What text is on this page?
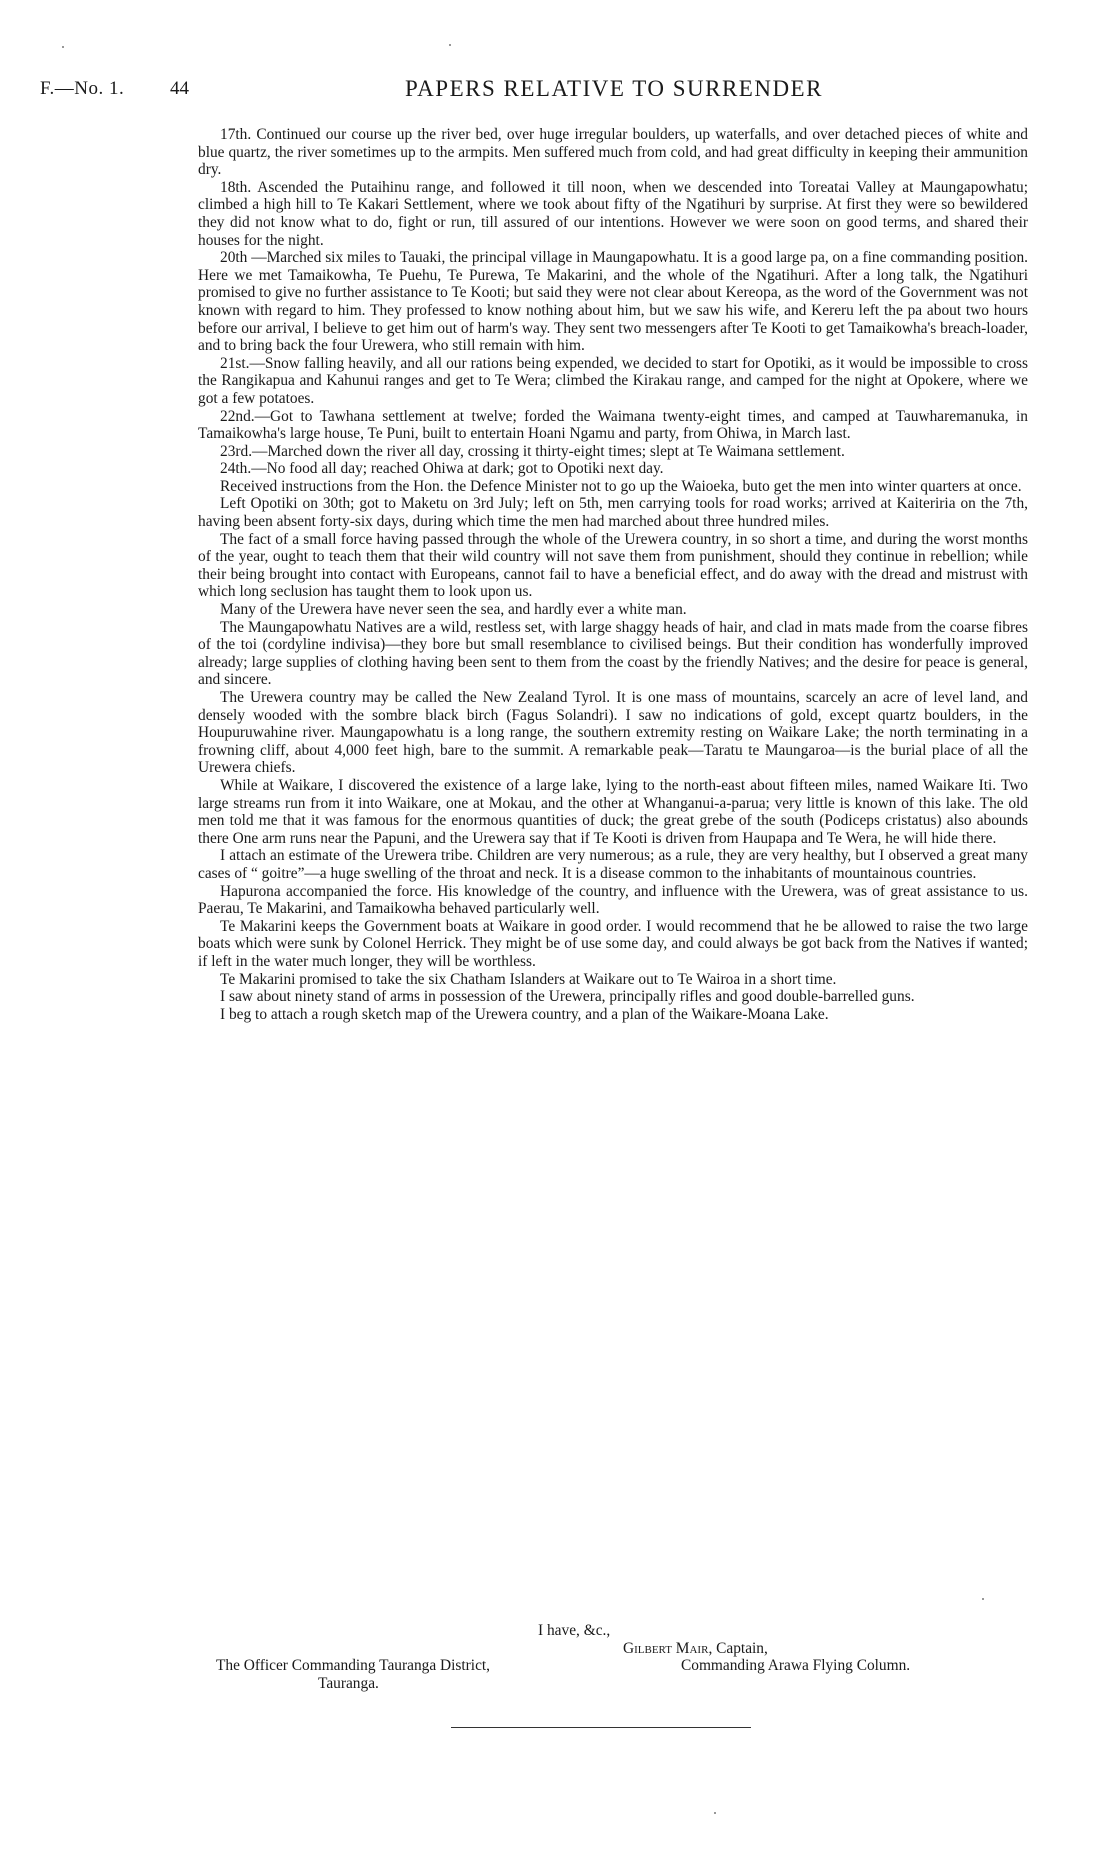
F.—No. 1. 44	PAPERS RELATIVE TO SURRENDER

17th. Continued our course up the river bed, over huge irregular boulders, up waterfalls, and over detached pieces of white and blue quartz, the river sometimes up to the armpits. Men suffered much from cold, and had great difficulty in keeping their ammunition dry.

18th. Ascended the Putaihinu range, and followed it till noon, when we descended into Toreatai Valley at Maungapowhatu; climbed a high hill to Te Kakari Settlement, where we took about fifty of the Ngatihuri by surprise. At first they were so bewildered they did not know what to do, fight or run, till assured of our intentions. However we were soon on good terms, and shared their houses for the night.

20th —Marched six miles to Tauaki, the principal village in Maungapowhatu. It is a good large pa, on a fine commanding position. Here we met Tamaikowha, Te Puehu, Te Purewa, Te Makarini, and the whole of the Ngatihuri. After a long talk, the Ngatihuri promised to give no further assistance to Te Kooti; but said they were not clear about Kereopa, as the word of the Government was not known with regard to him. They professed to know nothing about him, but we saw his wife, and Kereru left the pa about two hours before our arrival, I believe to get him out of harm's way. They sent two messengers after Te Kooti to get Tamaikowha's breach-loader, and to bring back the four Urewera, who still remain with him.

21st.—Snow falling heavily, and all our rations being expended, we decided to start for Opotiki, as it would be impossible to cross the Rangikapua and Kahunui ranges and get to Te Wera; climbed the Kirakau range, and camped for the night at Opokere, where we got a few potatoes.

22nd.—Got to Tawhana settlement at twelve; forded the Waimana twenty-eight times, and camped at Tauwharemanuka, in Tamaikowha's large house, Te Puni, built to entertain Hoani Ngamu and party, from Ohiwa, in March last.

23rd.—Marched down the river all day, crossing it thirty-eight times; slept at Te Waimana settlement.

24th.—No food all day; reached Ohiwa at dark; got to Opotiki next day.

Received instructions from the Hon. the Defence Minister not to go up the Waioeka, buto get the men into winter quarters at once.

Left Opotiki on 30th; got to Maketu on 3rd July; left on 5th, men carrying tools for road works; arrived at Kaiteriria on the 7th, having been absent forty-six days, during which time the men had marched about three hundred miles.

The fact of a small force having passed through the whole of the Urewera country, in so short a time, and during the worst months of the year, ought to teach them that their wild country will not save them from punishment, should they continue in rebellion; while their being brought into contact with Europeans, cannot fail to have a beneficial effect, and do away with the dread and mistrust with which long seclusion has taught them to look upon us.

Many of the Urewera have never seen the sea, and hardly ever a white man.

The Maungapowhatu Natives are a wild, restless set, with large shaggy heads of hair, and clad in mats made from the coarse fibres of the toi (cordyline indivisa)—they bore but small resemblance to civilised beings. But their condition has wonderfully improved already; large supplies of clothing having been sent to them from the coast by the friendly Natives; and the desire for peace is general, and sincere.

The Urewera country may be called the New Zealand Tyrol. It is one mass of mountains, scarcely an acre of level land, and densely wooded with the sombre black birch (Fagus Solandri). I saw no indications of gold, except quartz boulders, in the Houpuruwahine river. Maungapowhatu is a long range, the southern extremity resting on Waikare Lake; the north terminating in a frowning cliff, about 4,000 feet high, bare to the summit. A remarkable peak—Taratu te Maungaroa—is the burial place of all the Urewera chiefs.

While at Waikare, I discovered the existence of a large lake, lying to the north-east about fifteen miles, named Waikare Iti. Two large streams run from it into Waikare, one at Mokau, and the other at Whanganui-a-parua; very little is known of this lake. The old men told me that it was famous for the enormous quantities of duck; the great grebe of the south (Podiceps cristatus) also abounds there One arm runs near the Papuni, and the Urewera say that if Te Kooti is driven from Haupapa and Te Wera, he will hide there.

I attach an estimate of the Urewera tribe. Children are very numerous; as a rule, they are very healthy, but I observed a great many cases of “ goitre”—a huge swelling of the throat and neck. It is a disease common to the inhabitants of mountainous countries.

Hapurona accompanied the force. His knowledge of the country, and influence with the Urewera, was of great assistance to us. Paerau, Te Makarini, and Tamaikowha behaved particularly well.

Te Makarini keeps the Government boats at Waikare in good order. I would recommend that he be allowed to raise the two large boats which were sunk by Colonel Herrick. They might be of use some day, and could always be got back from the Natives if wanted; if left in the water much longer, they will be worthless.

Te Makarini promised to take the six Chatham Islanders at Waikare out to Te Wairoa in a short time.

I saw about ninety stand of arms in possession of the Urewera, principally rifles and good double-barrelled guns.

I beg to attach a rough sketch map of the Urewera country, and a plan of the Waikare-Moana Lake.

I have, &c.,
Gilbert Mair, Captain,
The Officer Commanding Tauranga District,	Commanding Arawa Flying Column.
Tauranga.
